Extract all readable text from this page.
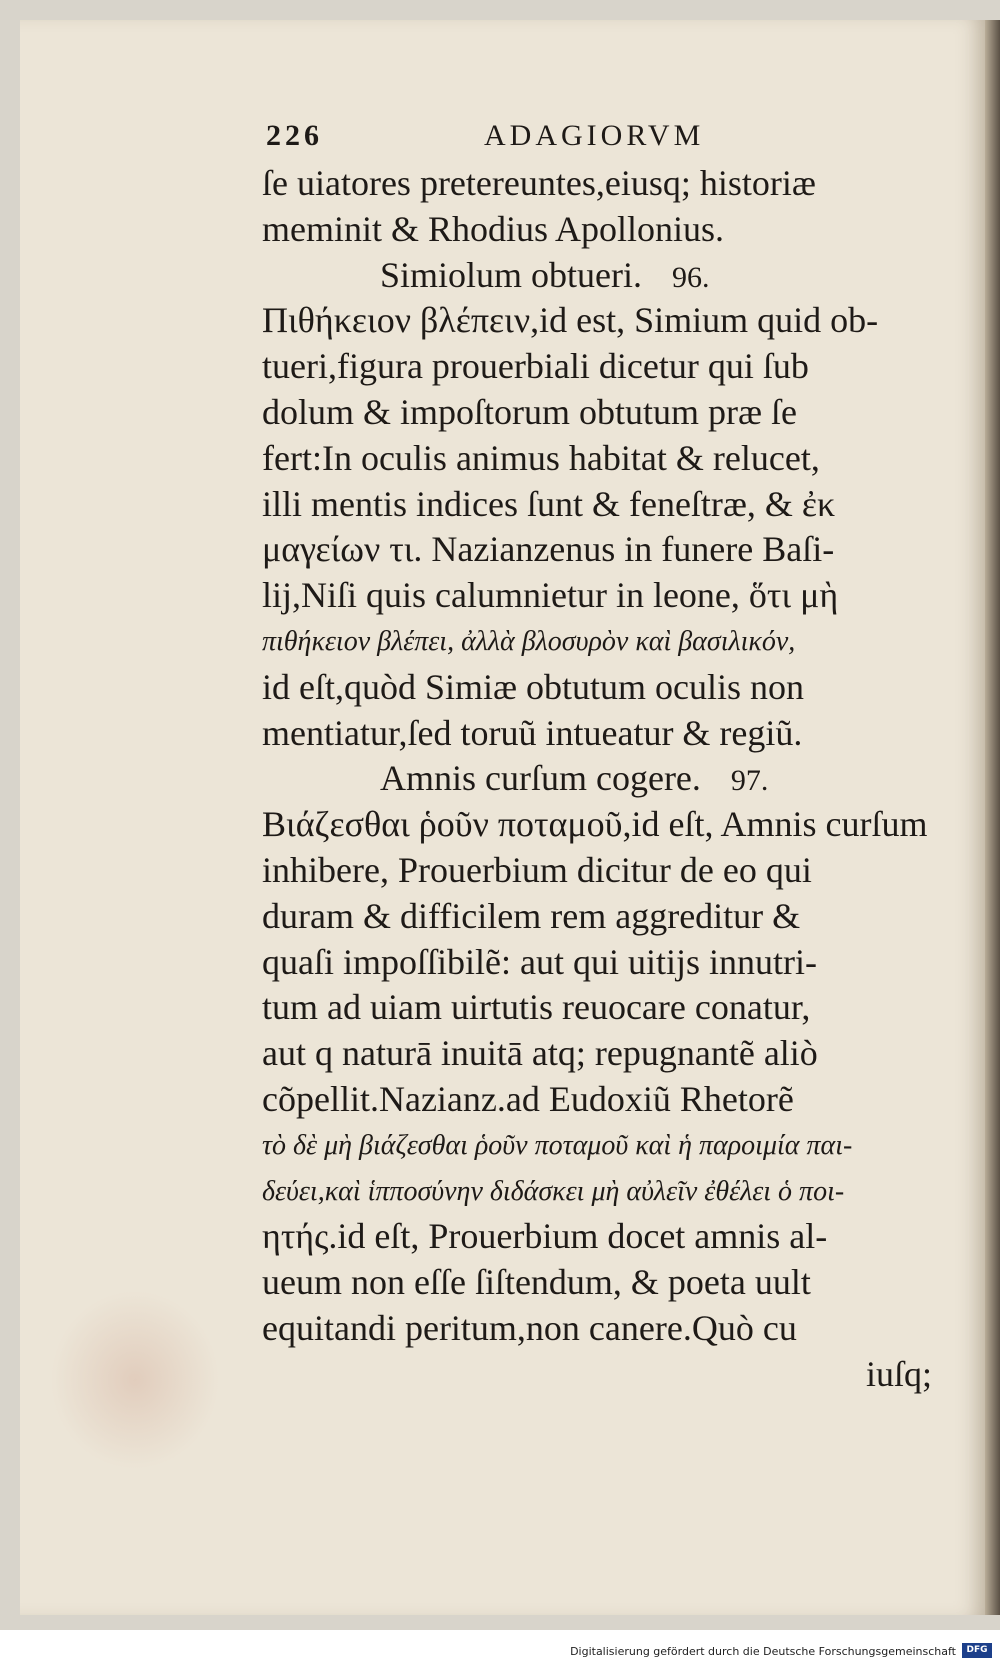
226	ADAGIORVM
ſe uiatores pretereuntes,eiusq; historiæ
meminit & Rhodius Apollonius.
Simiolum obtueri. 96.
Πιθήκειον βλέπειν,id est, Simium quid ob-
tueri,figura prouerbiali dicetur qui ſub
dolum & impoſtorum obtutum præ ſe
fert:In oculis animus habitat & relucet,
illi mentis indices ſunt & feneſtræ, & ἐκ
μαγείων τι. Nazianzenus in funere Baſi-
lij,Niſi quis calumnietur in leone, ὅτι μὴ
πιθήκειον βλέπει, ἀλλὰ βλοσυρὸν καὶ βασιλικόν,
id eſt,quòd Simiæ obtutum oculis non
mentiatur,ſed toruũ intueatur & regiũ.
Amnis curſum cogere. 97.
Βιάζεσθαι ῥοῦν ποταμοῦ,id eſt, Amnis curſum
inhibere, Prouerbium dicitur de eo qui
duram & difficilem rem aggreditur &
quaſi impoſſibilẽ: aut qui uitijs innutri-
tum ad uiam uirtutis reuocare conatur,
aut q naturā inuitā atq; repugnantẽ aliò
cõpellit.Nazianz.ad Eudoxiũ Rhetorẽ
τὸ δὲ μὴ βιάζεσθαι ῥοῦν ποταμοῦ καὶ ἡ παροιμία παι-
δεύει,καὶ ἱπποσύνην διδάσκει μὴ αὐλεῖν ἐθέλει ὁ ποι-
ητής.id eſt, Prouerbium docet amnis al-
ueum non eſſe ſiſtendum, & poeta uult
equitandi peritum,non canere.Quò cu
iuſq;
Digitalisierung gefördert durch die Deutsche Forschungsgemeinschaft	DFG
